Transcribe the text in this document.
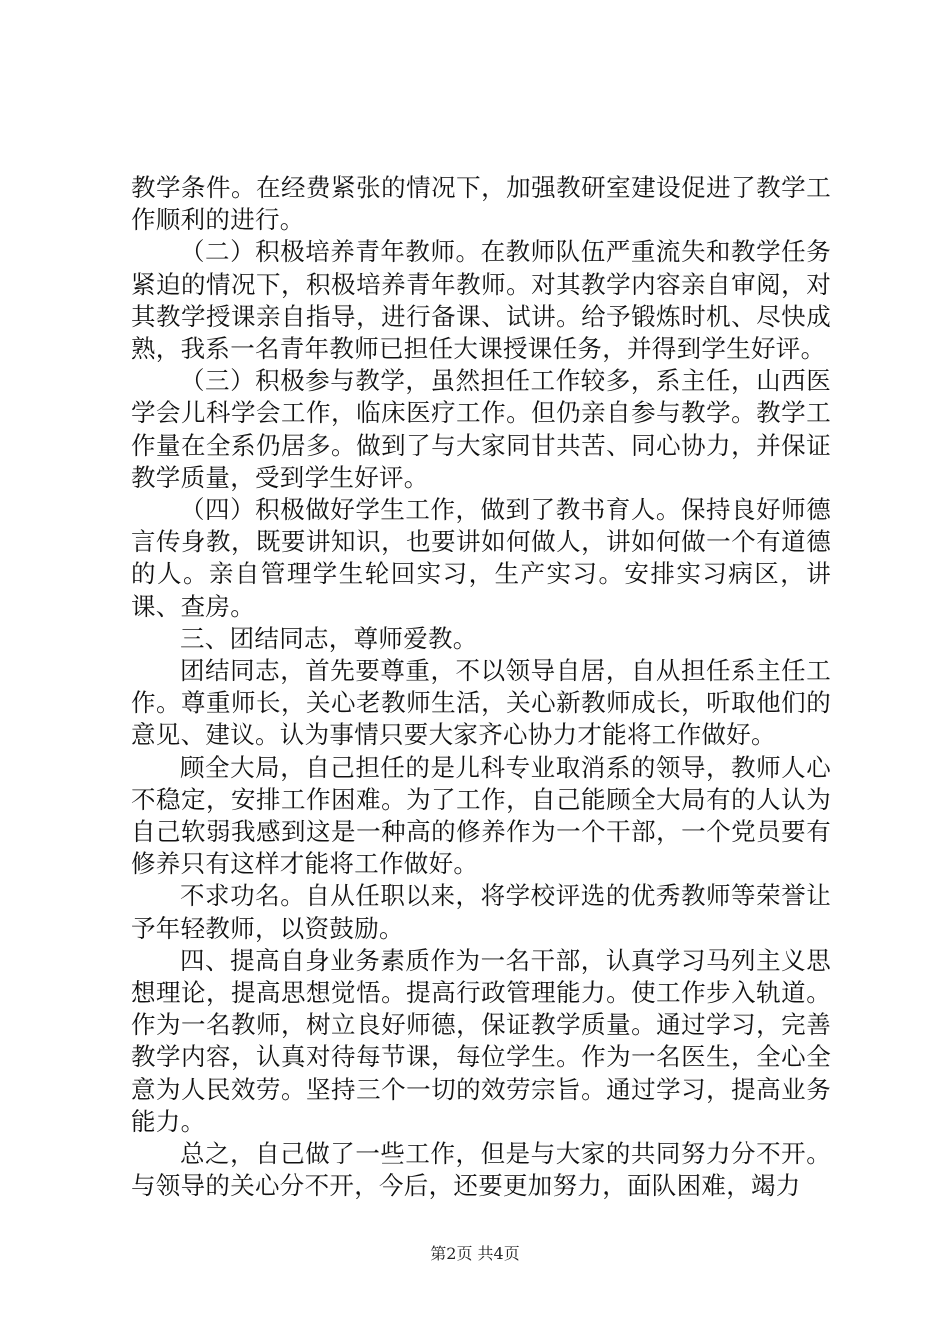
教学条件。在经费紧张的情况下，加强教研室建设促进了教学工作顺利的进行。

（二）积极培养青年教师。在教师队伍严重流失和教学任务紧迫的情况下，积极培养青年教师。对其教学内容亲自审阅，对其教学授课亲自指导，进行备课、试讲。给予锻炼时机、尽快成熟，我系一名青年教师已担任大课授课任务，并得到学生好评。

（三）积极参与教学，虽然担任工作较多，系主任，山西医学会儿科学会工作，临床医疗工作。但仍亲自参与教学。教学工作量在全系仍居多。做到了与大家同甘共苦、同心协力，并保证教学质量，受到学生好评。

（四）积极做好学生工作，做到了教书育人。保持良好师德言传身教，既要讲知识，也要讲如何做人，讲如何做一个有道德的人。亲自管理学生轮回实习，生产实习。安排实习病区，讲课、查房。

三、团结同志，尊师爱教。

团结同志，首先要尊重，不以领导自居，自从担任系主任工作。尊重师长，关心老教师生活，关心新教师成长，听取他们的意见、建议。认为事情只要大家齐心协力才能将工作做好。

顾全大局，自己担任的是儿科专业取消系的领导，教师人心不稳定，安排工作困难。为了工作，自己能顾全大局有的人认为自己软弱我感到这是一种高的修养作为一个干部，一个党员要有修养只有这样才能将工作做好。

不求功名。自从任职以来，将学校评选的优秀教师等荣誉让予年轻教师，以资鼓励。

四、提高自身业务素质作为一名干部，认真学习马列主义思想理论，提高思想觉悟。提高行政管理能力。使工作步入轨道。作为一名教师，树立良好师德，保证教学质量。通过学习，完善教学内容，认真对待每节课，每位学生。作为一名医生，全心全意为人民效劳。坚持三个一切的效劳宗旨。通过学习，提高业务能力。

总之，自己做了一些工作，但是与大家的共同努力分不开。与领导的关心分不开，今后，还要更加努力，面队困难，竭力

第2页 共4页
